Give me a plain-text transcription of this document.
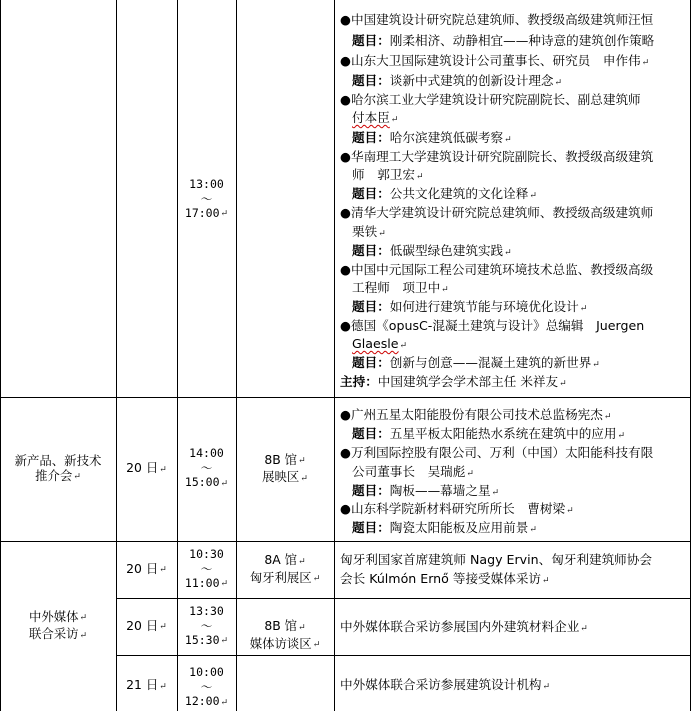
13:00
～
17:00↵
●中国建筑设计研究院总建筑师、教授级高级建筑师汪恒
题目：刚柔相济、动静相宜——种诗意的建筑创作策略
●山东大卫国际建筑设计公司董事长、研究员　申作伟↵
题目：谈新中式建筑的创新设计理念↵
●哈尔滨工业大学建筑设计研究院副院长、副总建筑师
付本臣↵
题目：哈尔滨建筑低碳考察↵
●华南理工大学建筑设计研究院副院长、教授级高级建筑
师　郭卫宏↵
题目：公共文化建筑的文化诠释↵
●清华大学建筑设计研究院总建筑师、教授级高级建筑师
栗铁↵
题目：低碳型绿色建筑实践↵
●中国中元国际工程公司建筑环境技术总监、教授级高级
工程师　项卫中↵
题目：如何进行建筑节能与环境优化设计↵
●德国《opusC-混凝土建筑与设计》总编辑　Juergen
Glaesle↵
题目：创新与创意——混凝土建筑的新世界↵
主持：中国建筑学会学术部主任 米祥友↵
新产品、新技术
推介会↵
20 日↵
14:00
～
15:00↵
8B 馆↵
展映区↵
●广州五星太阳能股份有限公司技术总监杨宪杰↵
题目：五星平板太阳能热水系统在建筑中的应用↵
●万利国际控股有限公司、万利（中国）太阳能科技有限
公司董事长　吴瑞彪↵
题目：陶板——幕墙之星↵
●山东科学院新材料研究所所长　曹树梁↵
题目：陶瓷太阳能板及应用前景↵
中外媒体↵
联合采访↵
20 日↵
10:30
～
11:00↵
8A 馆↵
匈牙利展区↵
匈牙利国家首席建筑师 Nagy Ervin、匈牙利建筑师协会
会长 Kúlmón Ernő 等接受媒体采访↵
20 日↵
13:30
～
15:30↵
8B 馆↵
媒体访谈区↵
中外媒体联合采访参展国内外建筑材料企业↵
21 日↵
10:00
～
12:00↵
中外媒体联合采访参展建筑设计机构↵
